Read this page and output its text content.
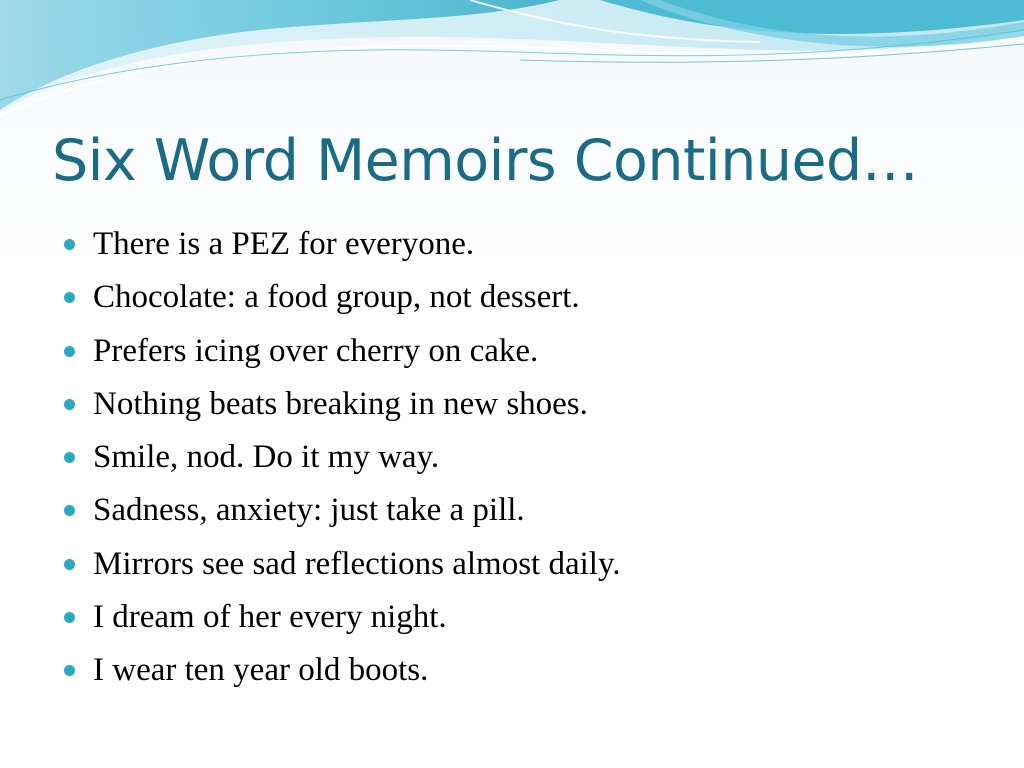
Six Word Memoirs Continued…
There is a PEZ for everyone.
Chocolate: a food group, not dessert.
Prefers icing over cherry on cake.
Nothing beats breaking in new shoes.
Smile, nod. Do it my way.
Sadness, anxiety: just take a pill.
Mirrors see sad reflections almost daily.
I dream of her every night.
I wear ten year old boots.
